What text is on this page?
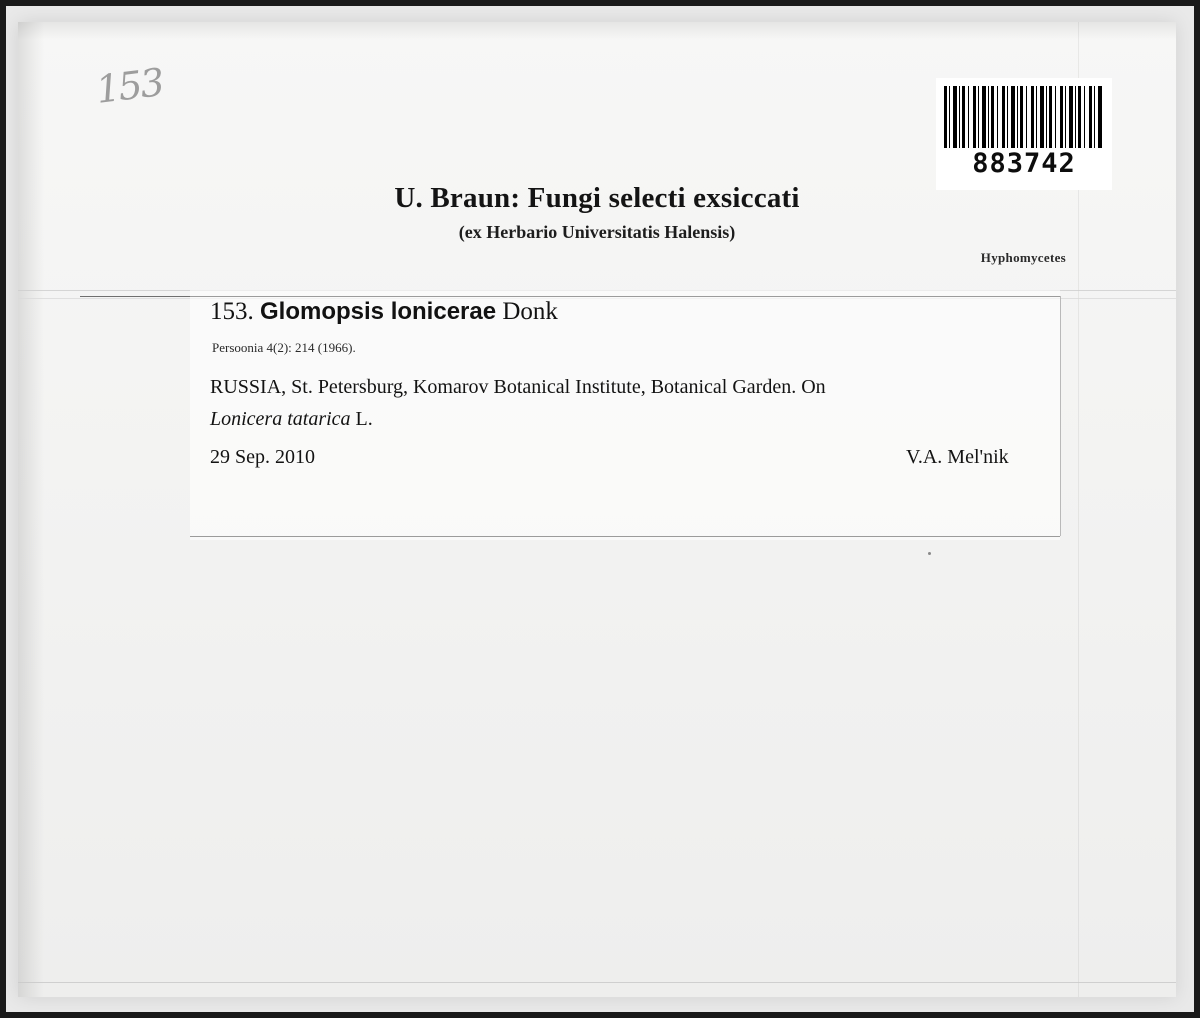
153
883742
U. Braun: Fungi selecti exsiccati
(ex Herbario Universitatis Halensis)
Hyphomycetes
153. Glomopsis lonicerae Donk
Persoonia 4(2): 214 (1966).
RUSSIA, St. Petersburg, Komarov Botanical Institute, Botanical Garden. On
Lonicera tatarica L.
29 Sep. 2010	V.A. Mel'nik
